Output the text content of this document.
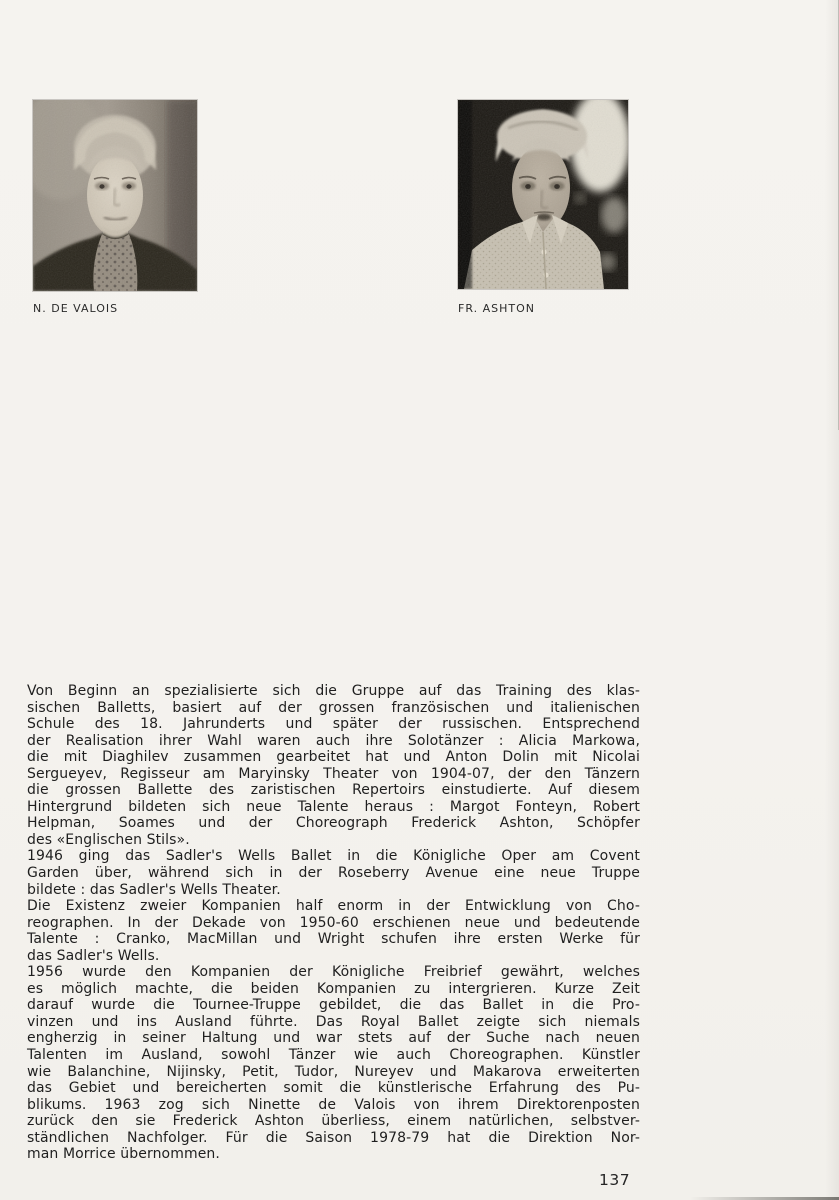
N. DE VALOIS	FR. ASHTON
Von Beginn an spezialisierte sich die Gruppe auf das Training des klas-
sischen Balletts, basiert auf der grossen französischen und italienischen
Schule des 18. Jahrunderts und später der russischen. Entsprechend
der Realisation ihrer Wahl waren auch ihre Solotänzer : Alicia Markowa,
die mit Diaghilev zusammen gearbeitet hat und Anton Dolin mit Nicolai
Sergueyev, Regisseur am Maryinsky Theater von 1904-07, der den Tänzern
die grossen Ballette des zaristischen Repertoirs einstudierte. Auf diesem
Hintergrund bildeten sich neue Talente heraus : Margot Fonteyn, Robert
Helpman, Soames und der Choreograph Frederick Ashton, Schöpfer
des «Englischen Stils».
1946 ging das Sadler's Wells Ballet in die Königliche Oper am Covent
Garden über, während sich in der Roseberry Avenue eine neue Truppe
bildete : das Sadler's Wells Theater.
Die Existenz zweier Kompanien half enorm in der Entwicklung von Cho-
reographen. In der Dekade von 1950-60 erschienen neue und bedeutende
Talente : Cranko, MacMillan und Wright schufen ihre ersten Werke für
das Sadler's Wells.
1956 wurde den Kompanien der Königliche Freibrief gewährt, welches
es möglich machte, die beiden Kompanien zu intergrieren. Kurze Zeit
darauf wurde die Tournee-Truppe gebildet, die das Ballet in die Pro-
vinzen und ins Ausland führte. Das Royal Ballet zeigte sich niemals
engherzig in seiner Haltung und war stets auf der Suche nach neuen
Talenten im Ausland, sowohl Tänzer wie auch Choreographen. Künstler
wie Balanchine, Nijinsky, Petit, Tudor, Nureyev und Makarova erweiterten
das Gebiet und bereicherten somit die künstlerische Erfahrung des Pu-
blikums. 1963 zog sich Ninette de Valois von ihrem Direktorenposten
zurück den sie Frederick Ashton überliess, einem natürlichen, selbstver-
ständlichen Nachfolger. Für die Saison 1978-79 hat die Direktion Nor-
man Morrice übernommen.
137
